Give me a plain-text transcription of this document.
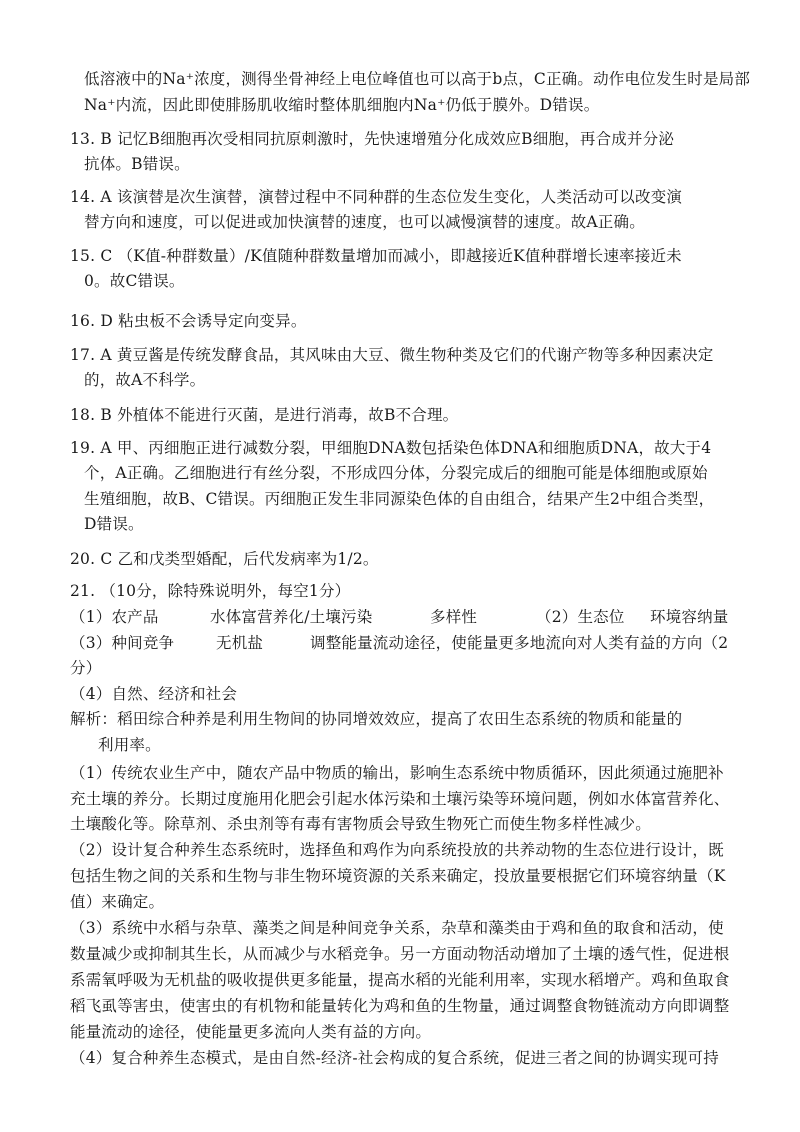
低溶液中的Na⁺浓度，测得坐骨神经上电位峰值也可以高于b点，C正确。动作电位发生时是局部
Na⁺内流，因此即使腓肠肌收缩时整体肌细胞内Na⁺仍低于膜外。D错误。
13. B 记忆B细胞再次受相同抗原刺激时，先快速增殖分化成效应B细胞，再合成并分泌
抗体。B错误。
14. A 该演替是次生演替，演替过程中不同种群的生态位发生变化，人类活动可以改变演
替方向和速度，可以促进或加快演替的速度，也可以减慢演替的速度。故A正确。
15. C （K值-种群数量）/K值随种群数量增加而减小，即越接近K值种群增长速率接近未
0。故C错误。
16. D 粘虫板不会诱导定向变异。
17. A 黄豆酱是传统发酵食品，其风味由大豆、微生物种类及它们的代谢产物等多种因素决定
的，故A不科学。
18. B 外植体不能进行灭菌，是进行消毒，故B不合理。
19. A 甲、丙细胞正进行减数分裂，甲细胞DNA数包括染色体DNA和细胞质DNA，故大于4
个，A正确。乙细胞进行有丝分裂，不形成四分体，分裂完成后的细胞可能是体细胞或原始
生殖细胞，故B、C错误。丙细胞正发生非同源染色体的自由组合，结果产生2中组合类型，
D错误。
20. C 乙和戊类型婚配，后代发病率为1/2。
21. （10分，除特殊说明外，每空1分）
（1）农产品	水体富营养化/土壤污染	多样性	（2）生态位 环境容纳量
（3）种间竞争	无机盐	调整能量流动途径，使能量更多地流向对人类有益的方向（2
分）
（4）自然、经济和社会
解析：稻田综合种养是利用生物间的协同增效效应，提高了农田生态系统的物质和能量的
利用率。
（1）传统农业生产中，随农产品中物质的输出，影响生态系统中物质循环，因此须通过施肥补
充土壤的养分。长期过度施用化肥会引起水体污染和土壤污染等环境问题，例如水体富营养化、
土壤酸化等。除草剂、杀虫剂等有毒有害物质会导致生物死亡而使生物多样性减少。
（2）设计复合种养生态系统时，选择鱼和鸡作为向系统投放的共养动物的生态位进行设计，既
包括生物之间的关系和生物与非生物环境资源的关系来确定，投放量要根据它们环境容纳量（K
值）来确定。
（3）系统中水稻与杂草、藻类之间是种间竞争关系，杂草和藻类由于鸡和鱼的取食和活动，使
数量减少或抑制其生长，从而减少与水稻竞争。另一方面动物活动增加了土壤的透气性，促进根
系需氧呼吸为无机盐的吸收提供更多能量，提高水稻的光能利用率，实现水稻增产。鸡和鱼取食
稻飞虱等害虫，使害虫的有机物和能量转化为鸡和鱼的生物量，通过调整食物链流动方向即调整
能量流动的途径，使能量更多流向人类有益的方向。
（4）复合种养生态模式，是由自然-经济-社会构成的复合系统，促进三者之间的协调实现可持
